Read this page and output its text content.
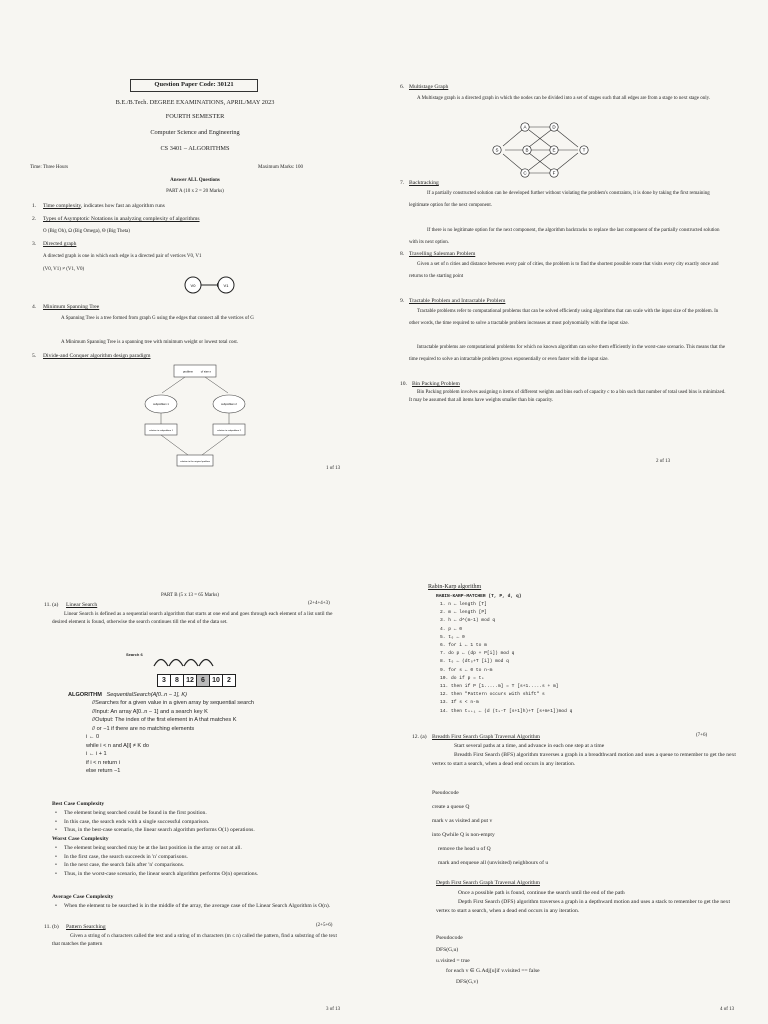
Question Paper Code: 30121
B.E./B.Tech. DEGREE EXAMINATIONS, APRIL/MAY 2023
FOURTH SEMESTER
Computer Science and Engineering
CS 3401 – ALGORITHMS
Time: Three Hours	Maximum Marks: 100
Answer ALL Questions
PART A (10 x 2 = 20 Marks)
1. Time complexity, indicates how fast an algorithm runs
2. Types of Asymptotic Notations in analyzing complexity of algorithms
O (Big Oh), Ω (Big Omega), Θ (Big Theta)
3. Directed graph
A directed graph is one in which each edge is a directed pair of vertices V0, V1
(V0, V1) ≠ (V1, V0)
V0	V1
4. Minimum Spanning Tree
A Spanning Tree is a tree formed from graph G using the edges that connect all the vertices of G
A Minimum Spanning Tree is a spanning tree with minimum weight or lowest total cost.
5. Divide-and Conquer algorithm design paradigm
problem	of size n
subproblem 1	subproblem 2
solution to subproblem 1	solution to subproblem 2
solution to the original problem
1 of 13
6. Multistage Graph
A Multistage graph is a directed graph in which the nodes can be divided into a set of stages such that all edges are from a stage to next stage only.
S
A
B
C
D
E
F
T
7. Backtracking
If a partially constructed solution can be developed further without violating the problem's constraints, it is done by taking the first remaining legitimate option for the next component.
If there is no legitimate option for the next component, the algorithm backtracks to replace the last component of the partially constructed solution with its next option.
8. Travelling Salesman Problem
Given a set of n cities and distance between every pair of cities, the problem is to find the shortest possible route that visits every city exactly once and returns to the starting point
9. Tractable Problem and Intractable Problem
Tractable problems refer to computational problems that can be solved efficiently using algorithms that can scale with the input size of the problem. In other words, the time required to solve a tractable problem increases at most polynomially with the input size.
Intractable problems are computational problems for which no known algorithm can solve them efficiently in the worst-case scenario. This means that the time required to solve an intractable problem grows exponentially or even faster with the input size.
10. Bin Packing Problem
Bin Packing problem involves assigning n items of different weights and bins each of capacity c to a bin such that number of total used bins is minimized. It may be assumed that all items have weights smaller than bin capacity.
2 of 13
PART B (5 x 13 = 65 Marks)
11. (a) Linear Search	(2+4+4+3)
Linear Search is defined as a sequential search algorithm that starts at one end and goes through each element of a list until the desired element is found, otherwise the search continues till the end of the data set.
Search 6
3 8 12 6 10 2
ALGORITHM SequentialSearch(A[0..n − 1], K)
//Searches for a given value in a given array by sequential search
//Input: An array A[0..n − 1] and a search key K
//Output: The index of the first element in A that matches K
// or −1 if there are no matching elements
i ← 0
while i < n and A[i] ≠ K do
i ← i + 1
if i < n return i
else return −1
Best Case Complexity
• The element being searched could be found in the first position.
• In this case, the search ends with a single successful comparison.
• Thus, in the best-case scenario, the linear search algorithm performs O(1) operations.
Worst Case Complexity
• The element being searched may be at the last position in the array or not at all.
• In the first case, the search succeeds in 'n' comparisons.
• In the next case, the search fails after 'n' comparisons.
• Thus, in the worst-case scenario, the linear search algorithm performs O(n) operations.
Average Case Complexity
• When the element to be searched is in the middle of the array, the average case of the Linear Search Algorithm is O(n).
11. (b) Pattern Searching	(2+5+6)
Given a string of n characters called the text and a string of m characters (m ≤ n) called the pattern, find a substring of the text that matches the pattern
3 of 13
Rabin-Karp algorithm
RABIN-KARP-MATCHER (T, P, d, q)
1. n ← length [T]
2. m ← length [P]
3. h ← d^(m-1) mod q
4. p ← 0
5. t₀ ← 0
6. for i ← 1 to m
7. do p ← (dp + P[i]) mod q
8. t₀ ← (dt₀+T [i]) mod q
9. for s ← 0 to n-m
10. do if p = tₛ
11. then if P [1.....m] = T [s+1.....s + m]
12. then "Pattern occurs with shift" s
13. If s < n-m
14. then tₛ₊₁ ← (d (tₛ-T [s+1]h)+T [s+m+1])mod q
12. (a) Breadth First Search Graph Traversal Algorithm	(7+6)
Start several paths at a time, and advance in each one step at a time
Breadth First Search (BFS) algorithm traverses a graph in a breadthward motion and uses a queue to remember to get the next vertex to start a search, when a dead end occurs in any iteration.
Pseudocode
create a queue Q
mark v as visited and put v
into Qwhile Q is non-empty
remove the head u of Q
mark and enqueue all (unvisited) neighbours of u
Depth First Search Graph Traversal Algorithm
Once a possible path is found, continue the search until the end of the path
Depth First Search (DFS) algorithm traverses a graph in a depthward motion and uses a stack to remember to get the next vertex to start a search, when a dead end occurs in any iteration.
Pseudocode
DFS(G,u)
u.visited = true
for each v ∈ G.Adj[u]if v.visited == false
DFS(G,v)
4 of 13
